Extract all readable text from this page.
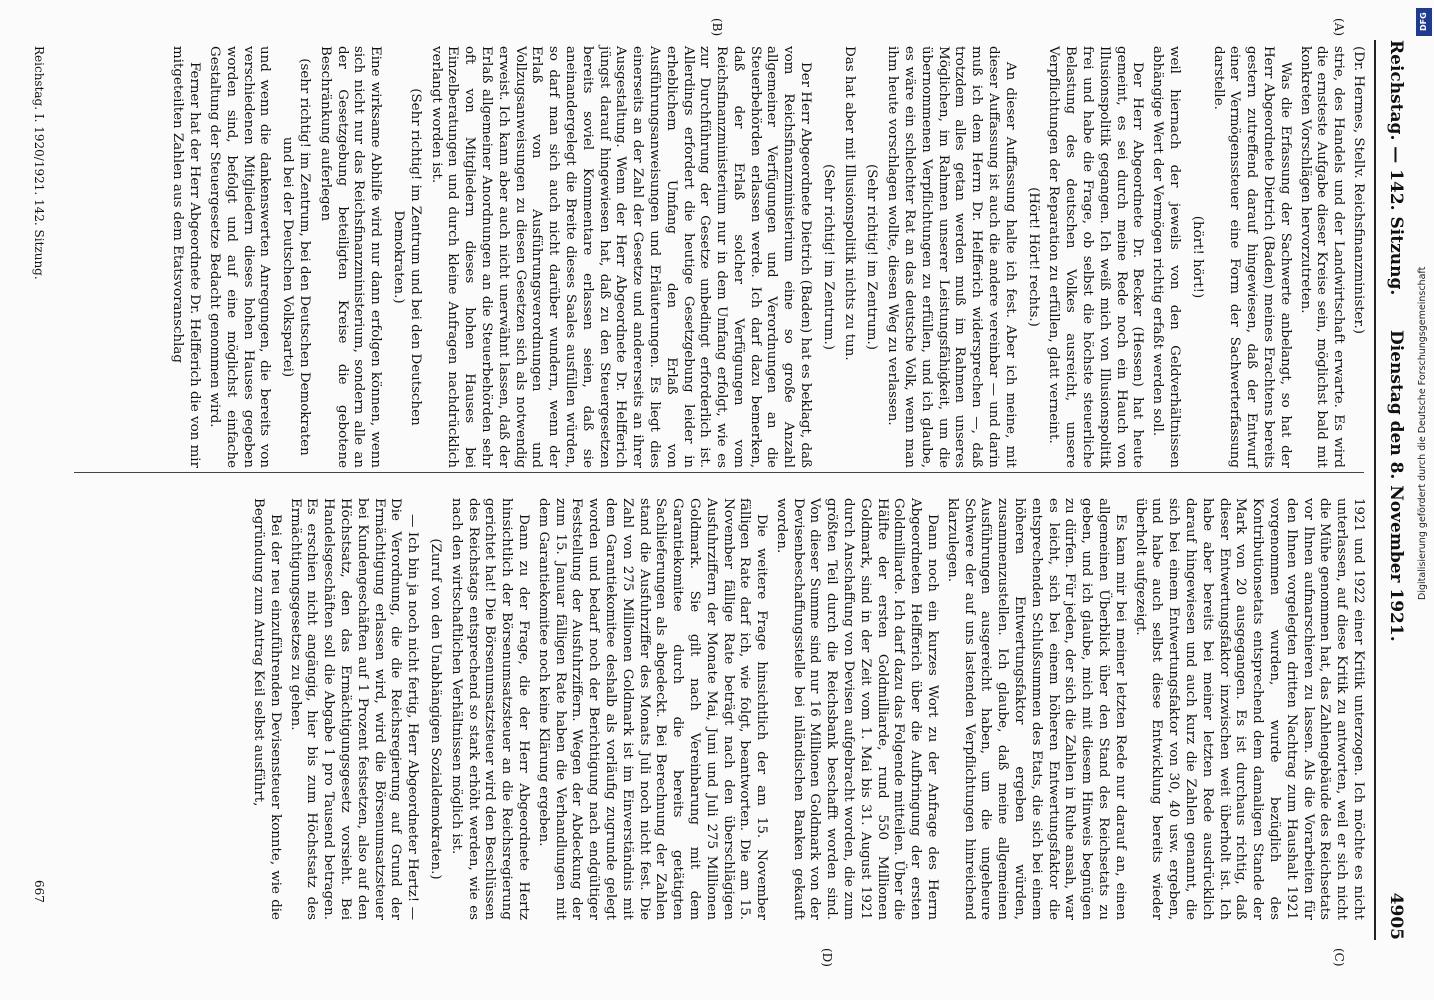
Reichstag. — 142. Sitzung.
Dienstag den 8. November 1921.
4905
(A)
(B)
(C)
(D)

(Dr. Hermes, Stellv. Reichsfinanzminister.)

strie, des Handels und der Landwirtschaft erwarte. Es wird die ernsteste Aufgabe dieser Kreise sein, möglichst bald mit konkreten Vorschlägen hervorzutreten.

Was die Erfassung der Sachwerte anbelangt, so hat der Herr Abgeordnete Dietrich (Baden) meines Erachtens bereits gestern zutreffend darauf hingewiesen, daß der Entwurf einer Vermögenssteuer eine Form der Sachwerterfassung darstelle.

(hört! hört!)

weil hiernach der jeweils von den Geldverhältnissen abhängige Wert der Vermögen richtig erfaßt werden soll.

Der Herr Abgeordnete Dr. Becker (Hessen) hat heute gemeint, es sei durch meine Rede noch ein Hauch von Illusionspolitik gegangen. Ich weiß mich von Illusionspolitik frei und habe die Frage, ob selbst die höchste steuerliche Belastung des deutschen Volkes ausreicht, unsere Verpflichtungen der Reparation zu erfüllen, glatt verneint.

(Hört! Hört! rechts.)

An dieser Auffassung halte ich fest. Aber ich meine, mit dieser Auffassung ist auch die andere vereinbar — und darin muß ich dem Herrn Dr. Helfferich widersprechen —, daß trotzdem alles getan werden muß im Rahmen unseres Möglichen, im Rahmen unserer Leistungsfähigkeit, um die übernommenen Verpflichtungen zu erfüllen, und ich glaube, es wäre ein schlechter Rat an das deutsche Volk, wenn man ihm heute vorschlagen wollte, diesen Weg zu verlassen.

(Sehr richtig! im Zentrum.)

Das hat aber mit Illusionspolitik nichts zu tun.

(Sehr richtig! im Zentrum.)

Der Herr Abgeordnete Dietrich (Baden) hat es beklagt, daß vom Reichsfinanzministerium eine so große Anzahl allgemeiner Verfügungen und Verordnungen an die Steuerbehörden erlassen werde. Ich darf dazu bemerken, daß der Erlaß solcher Verfügungen vom Reichsfinanzministerium nur in dem Umfang erfolgt, wie es zur Durchführung der Gesetze unbedingt erforderlich ist. Allerdings erfordert die heutige Gesetzgebung leider in erheblichem Umfang den Erlaß von Ausführungsanweisungen und Erläuterungen. Es liegt dies einerseits an der Zahl der Gesetze und andererseits an ihrer Ausgestaltung. Wenn der Herr Abgeordnete Dr. Helfferich jüngst darauf hingewiesen hat, daß zu den Steuergesetzen bereits soviel Kommentare erlassen seien, daß sie aneinandergelegt die Breite dieses Saales ausfüllen würden, so darf man sich auch nicht darüber wundern, wenn der Erlaß von Ausführungsverordnungen und Vollzugsanweisungen zu diesen Gesetzen sich als notwendig erweist. Ich kann aber auch nicht unerwähnt lassen, daß der Erlaß allgemeiner Anordnungen an die Steuerbehörden sehr oft von Mitgliedern dieses hohen Hauses bei Einzelberatungen und durch kleine Anfragen nachdrücklich verlangt worden ist.

(Sehr richtig! im Zentrum und bei den Deutschen Demokraten.)

Eine wirksame Abhilfe wird nur dann erfolgen können, wenn sich nicht nur das Reichsfinanzministerium, sondern alle an der Gesetzgebung beteiligten Kreise die gebotene Beschränkung auferlegen

(sehr richtig! im Zentrum, bei den Deutschen Demokraten und bei der Deutschen Volkspartei)

und wenn die dankenswerten Anregungen, die bereits von verschiedenen Mitgliedern dieses hohen Hauses gegeben worden sind, befolgt und auf eine möglichst einfache Gestaltung der Steuergesetze Bedacht genommen wird.

Ferner hat der Herr Abgeordnete Dr. Helfferich die von mir mitgeteilten Zahlen aus dem Etatsvoranschlag

1921 und 1922 einer Kritik unterzogen. Ich möchte es nicht unterlassen, auf diese Kritik zu antworten, weil er sich nicht die Mühe genommen hat, das Zahlengebäude des Reichsetats vor Ihnen aufmarschieren zu lassen. Als die Vorarbeiten für den Ihnen vorgelegten dritten Nachtrag zum Haushalt 1921 vorgenommen wurden, wurde bezüglich des Kontributionsetats entsprechend dem damaligen Stande der Mark von 20 ausgegangen. Es ist durchaus richtig, daß dieser Entwertungsfaktor inzwischen weit überholt ist. Ich habe aber bereits bei meiner letzten Rede ausdrücklich darauf hingewiesen und auch kurz die Zahlen genannt, die sich bei einem Entwertungsfaktor von 30, 40 usw. ergeben, und habe auch selbst diese Entwicklung bereits wieder überholt aufgezeigt.

Es kam mir bei meiner letzten Rede nur darauf an, einen allgemeinen Überblick über den Stand des Reichsetats zu geben, und ich glaube, mich mit diesem Hinweis begnügen zu dürfen. Für jeden, der sich die Zahlen in Ruhe ansah, war es leicht, sich bei einem höheren Entwertungsfaktor die entsprechenden Schlußsummen des Etats, die sich bei einem höheren Entwertungsfaktor ergeben würden, zusammenzustellen. Ich glaube, daß meine allgemeinen Ausführungen ausgereicht haben, um die ungeheure Schwere der auf uns lastenden Verpflichtungen hinreichend klarzulegen.

Dann noch ein kurzes Wort zu der Anfrage des Herrn Abgeordneten Helfferich über die Aufbringung der ersten Goldmilliarde. Ich darf dazu das Folgende mitteilen. Über die Hälfte der ersten Goldmilliarde, rund 550 Millionen Goldmark, sind in der Zeit vom 1. Mai bis 31. August 1921 durch Anschaffung von Devisen aufgebracht worden, die zum größten Teil durch die Reichsbank beschafft worden sind. Von dieser Summe sind nur 16 Millionen Goldmark von der Devisenbeschaffungsstelle bei inländischen Banken gekauft worden.

Die weitere Frage hinsichtlich der am 15. November fälligen Rate darf ich, wie folgt, beantworten. Die am 15. November fällige Rate beträgt nach den überschlägigen Ausfuhrziffern der Monate Mai, Juni und Juli 275 Millionen Goldmark. Sie gilt nach Vereinbarung mit dem Garantiekomitee durch die bereits getätigten Sachlieferungen als abgedeckt. Bei Berechnung der Zahlen stand die Ausfuhrziffer des Monats Juli noch nicht fest. Die Zahl von 275 Millionen Goldmark ist im Einverständnis mit dem Garantiekomitee deshalb als vorläufig zugrunde gelegt worden und bedarf noch der Berichtigung nach endgültiger Feststellung der Ausfuhrziffern. Wegen der Abdeckung der zum 15. Januar fälligen Rate haben die Verhandlungen mit dem Garantiekomitee noch keine Klärung ergeben.

Dann zu der Frage, die der Herr Abgeordnete Hertz hinsichtlich der Börsenumsatzsteuer an die Reichsregierung gerichtet hat! Die Börsenumsatzsteuer wird den Beschlüssen des Reichstags entsprechend so stark erhöht werden, wie es nach den wirtschaftlichen Verhältnissen möglich ist.

(Zuruf von den Unabhängigen Sozialdemokraten.)

— Ich bin ja noch nicht fertig, Herr Abgeordneter Hertz! — Die Verordnung, die die Reichsregierung auf Grund der Ermächtigung erlassen wird, wird die Börsenumsatzsteuer bei Kundengeschäften auf 1 Prozent festsetzen, also auf den Höchstsatz, den das Ermächtigungsgesetz vorsieht. Bei Handelsgeschäften soll die Abgabe 1 pro Tausend betragen. Es erschien nicht angängig, hier bis zum Höchstsatz des Ermächtigungsgesetzes zu gehen.

Bei der neu einzuführenden Devisensteuer konnte, wie die Begründung zum Antrag Keil selbst ausführt,

Reichstag. I. 1920/1921. 142. Sitzung.
667
DFG
Digitalisierung gefördert durch die Deutsche Forschungsgemeinschaft
